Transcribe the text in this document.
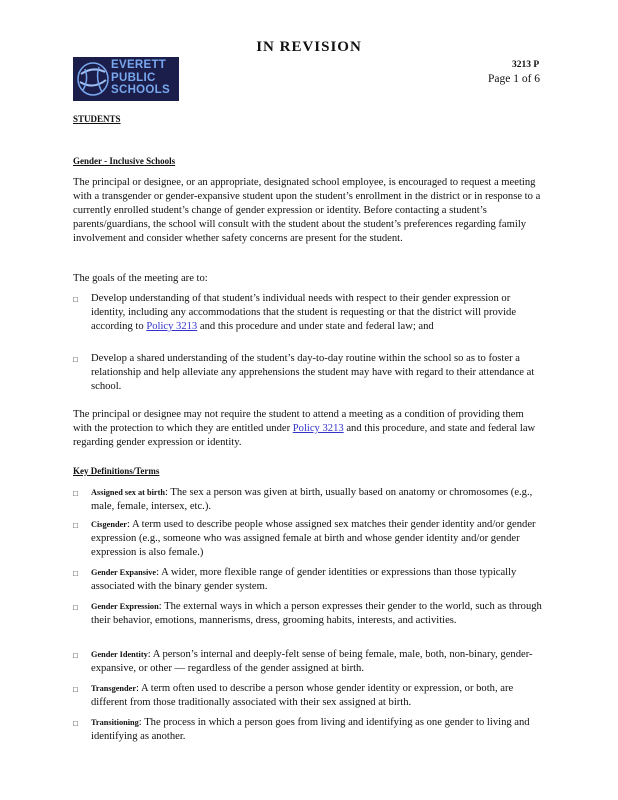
IN REVISION
EVERETT
PUBLIC
SCHOOLS
3213 P
Page 1 of 6
STUDENTS
Gender - Inclusive Schools

The principal or designee, or an appropriate, designated school employee, is encouraged to request a meeting with a transgender or gender-expansive student upon the student’s enrollment in the district or in response to a currently enrolled student’s change of gender expression or identity. Before contacting a student’s parents/guardians, the school will consult with the student about the student’s preferences regarding family involvement and consider whether safety concerns are present for the student.

The goals of the meeting are to:

□ Develop understanding of that student’s individual needs with respect to their gender expression or identity, including any accommodations that the student is requesting or that the district will provide according to Policy 3213 and this procedure and under state and federal law; and
□ Develop a shared understanding of the student’s day-to-day routine within the school so as to foster a relationship and help alleviate any apprehensions the student may have with regard to their attendance at school.

The principal or designee may not require the student to attend a meeting as a condition of providing them with the protection to which they are entitled under Policy 3213 and this procedure, and state and federal law regarding gender expression or identity.

Key Definitions/Terms
□ Assigned sex at birth: The sex a person was given at birth, usually based on anatomy or chromosomes (e.g., male, female, intersex, etc.).
□ Cisgender: A term used to describe people whose assigned sex matches their gender identity and/or gender expression (e.g., someone who was assigned female at birth and whose gender identity and/or gender expression is also female.)
□ Gender Expansive: A wider, more flexible range of gender identities or expressions than those typically associated with the binary gender system.
□ Gender Expression: The external ways in which a person expresses their gender to the world, such as through their behavior, emotions, mannerisms, dress, grooming habits, interests, and activities.
□ Gender Identity: A person’s internal and deeply-felt sense of being female, male, both, non-binary, gender-expansive, or other — regardless of the gender assigned at birth.
□ Transgender: A term often used to describe a person whose gender identity or expression, or both, are different from those traditionally associated with their sex assigned at birth.
□ Transitioning: The process in which a person goes from living and identifying as one gender to living and identifying as another.
